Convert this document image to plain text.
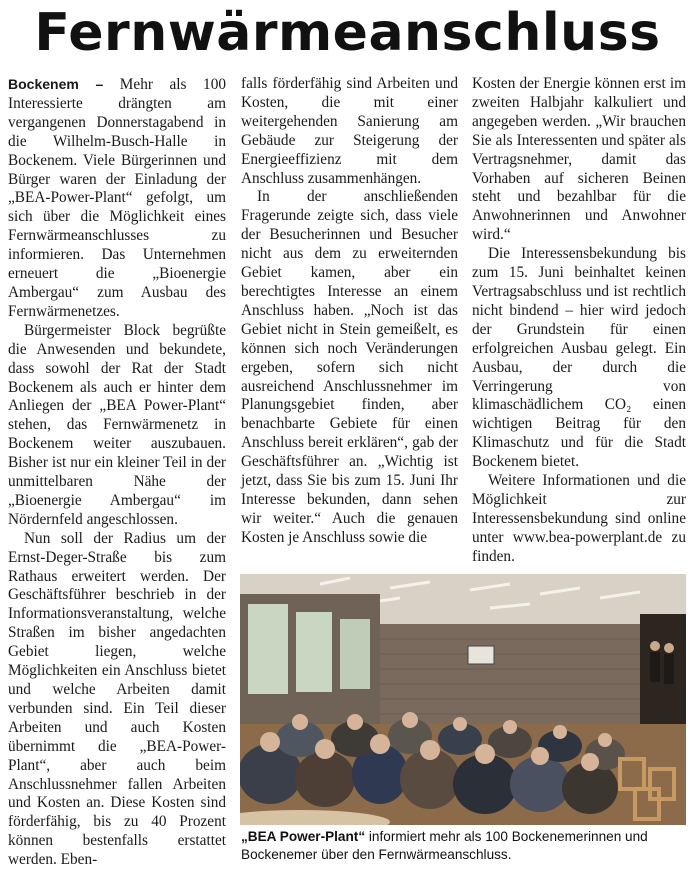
Fernwärmeanschluss

Bockenem – Mehr als 100 Interessierte drängten am vergangenen Donnerstagabend in die Wilhelm-Busch-Halle in Bockenem. Viele Bürgerinnen und Bürger waren der Einladung der „BEA-Power-Plant“ gefolgt, um sich über die Möglichkeit eines Fernwärmeanschlusses zu informieren. Das Unternehmen erneuert die „Bioenergie Ambergau“ zum Ausbau des Fernwärmenetzes.

Bürgermeister Block begrüßte die Anwesenden und bekundete, dass sowohl der Rat der Stadt Bockenem als auch er hinter dem Anliegen der „BEA Power-Plant“ stehen, das Fernwärmenetz in Bockenem weiter auszubauen. Bisher ist nur ein kleiner Teil in der unmittelbaren Nähe der „Bioenergie Ambergau“ im Nördernfeld angeschlossen.

Nun soll der Radius um der Ernst-Deger-Straße bis zum Rathaus erweitert werden. Der Geschäftsführer beschrieb in der Informationsveranstaltung, welche Straßen im bisher angedachten Gebiet liegen, welche Möglichkeiten ein Anschluss bietet und welche Arbeiten damit verbunden sind. Ein Teil dieser Arbeiten und auch Kosten übernimmt die „BEA-Power-Plant“, aber auch beim Anschlussnehmer fallen Arbeiten und Kosten an. Diese Kosten sind förderfähig, bis zu 40 Prozent können bestenfalls erstattet werden. Eben-

falls förderfähig sind Arbeiten und Kosten, die mit einer weitergehenden Sanierung am Gebäude zur Steigerung der Energieeffizienz mit dem Anschluss zusammenhängen.

In der anschließenden Fragerunde zeigte sich, dass viele der Besucherinnen und Besucher nicht aus dem zu erweiternden Gebiet kamen, aber ein berechtigtes Interesse an einem Anschluss haben. „Noch ist das Gebiet nicht in Stein gemeißelt, es können sich noch Veränderungen ergeben, sofern sich nicht ausreichend Anschlussnehmer im Planungsgebiet finden, aber benachbarte Gebiete für einen Anschluss bereit erklären“, gab der Geschäftsführer an. „Wichtig ist jetzt, dass Sie bis zum 15. Juni Ihr Interesse bekunden, dann sehen wir weiter.“ Auch die genauen Kosten je Anschluss sowie die

Kosten der Energie können erst im zweiten Halbjahr kalkuliert und angegeben werden. „Wir brauchen Sie als Interessenten und später als Vertragsnehmer, damit das Vorhaben auf sicheren Beinen steht und bezahlbar für die Anwohnerinnen und Anwohner wird.“

Die Interessensbekundung bis zum 15. Juni beinhaltet keinen Vertragsabschluss und ist rechtlich nicht bindend – hier wird jedoch der Grundstein für einen erfolgreichen Ausbau gelegt. Ein Ausbau, der durch die Verringerung von klimaschädlichem CO₂ einen wichtigen Beitrag für den Klimaschutz und für die Stadt Bockenem bietet.

Weitere Informationen und die Möglichkeit zur Interessensbekundung sind online unter www.bea-powerplant.de zu finden.

„BEA Power-Plant“ informiert mehr als 100 Bockenemerinnen und Bockenemer über den Fernwärmeanschluss.
